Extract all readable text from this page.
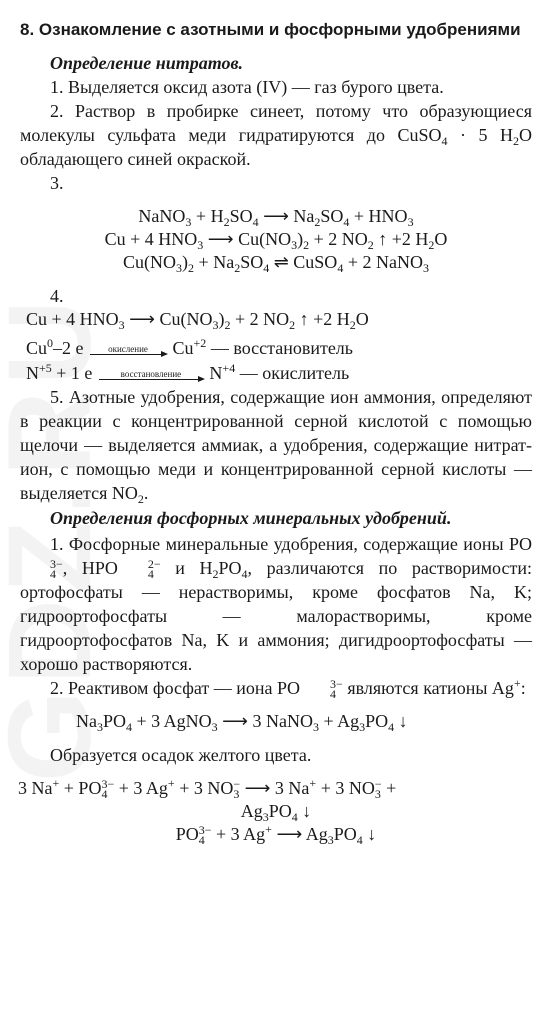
8. Ознакомление с азотными и фосфорными удобрениями
Определение нитратов.
1. Выделяется оксид азота (IV) — газ бурого цвета.
2. Раствор в пробирке синеет, потому что образующиеся молекулы сульфата меди гидратируются до CuSO$_4$ · 5 $H_2O$ обладающего синей окраской.
3.
NaNO$_3$ + $H_2SO_4$ ⟶ $Na_2SO_4 + HNO_3$
Cu + 4 $HNO_3$ ⟶ $Cu(NO_3)_2 + 2$ $NO_2$ ↑ +2 $H_2O$
$Cu(NO_3)_2 + Na_2SO_4$ ⇌ CuSO$_4$ + 2 NaNO$_3$
4.
Cu + 4 $HNO_3$ ⟶ $Cu(NO_3)_2 + 2$ $NO_2$ ↑ +2 $H_2O$
Cu$^0$–2 e	окисление	$Cu^{+2}$ — восстановитель
$N^{+5} + 1$ e	восстановление	$N^{+4}$ — окислитель
5. Азотные удобрения, содержащие ион аммония, определяют в реакции с концентрированной серной кислотой с помощью щелочи — выделяется аммиак, а удобрения, содержащие нитрат-ион, с помощью меди и концентрированной серной кислоты — выделяется $NO_2$.
Определения фосфорных минеральных удобрений.
1. Фосфорные минеральные удобрения, содержащие ионы PO
3−
4 , HPO	2−
4 и $H_2PO_4$, различаются по растворимости: ортофосфаты — нерастворимы, кроме фосфатов Na, K; гидроортофосфаты — малорастворимы, кроме гидроортофосфатов Na, K и аммония; дигидроортофосфаты — хорошо растворяются.
2. Реактивом фосфат — иона PO	3−
4 являются катионы Ag+:
$Na_3PO_4 + 3$ AgNO$_3$ ⟶ 3 NaNO$_3$ + $Ag_3PO_4$ ↓
Образуется осадок желтого цвета.
3 Na+ + PO 3−
4 + 3 Ag+ + 3 NO −
3 ⟶ 3 Na+ + 3 NO −
3 +
$Ag_3PO_4$ ↓
PO 3−
4 + 3 Ag+ ⟶ $Ag_3PO_4$ ↓
